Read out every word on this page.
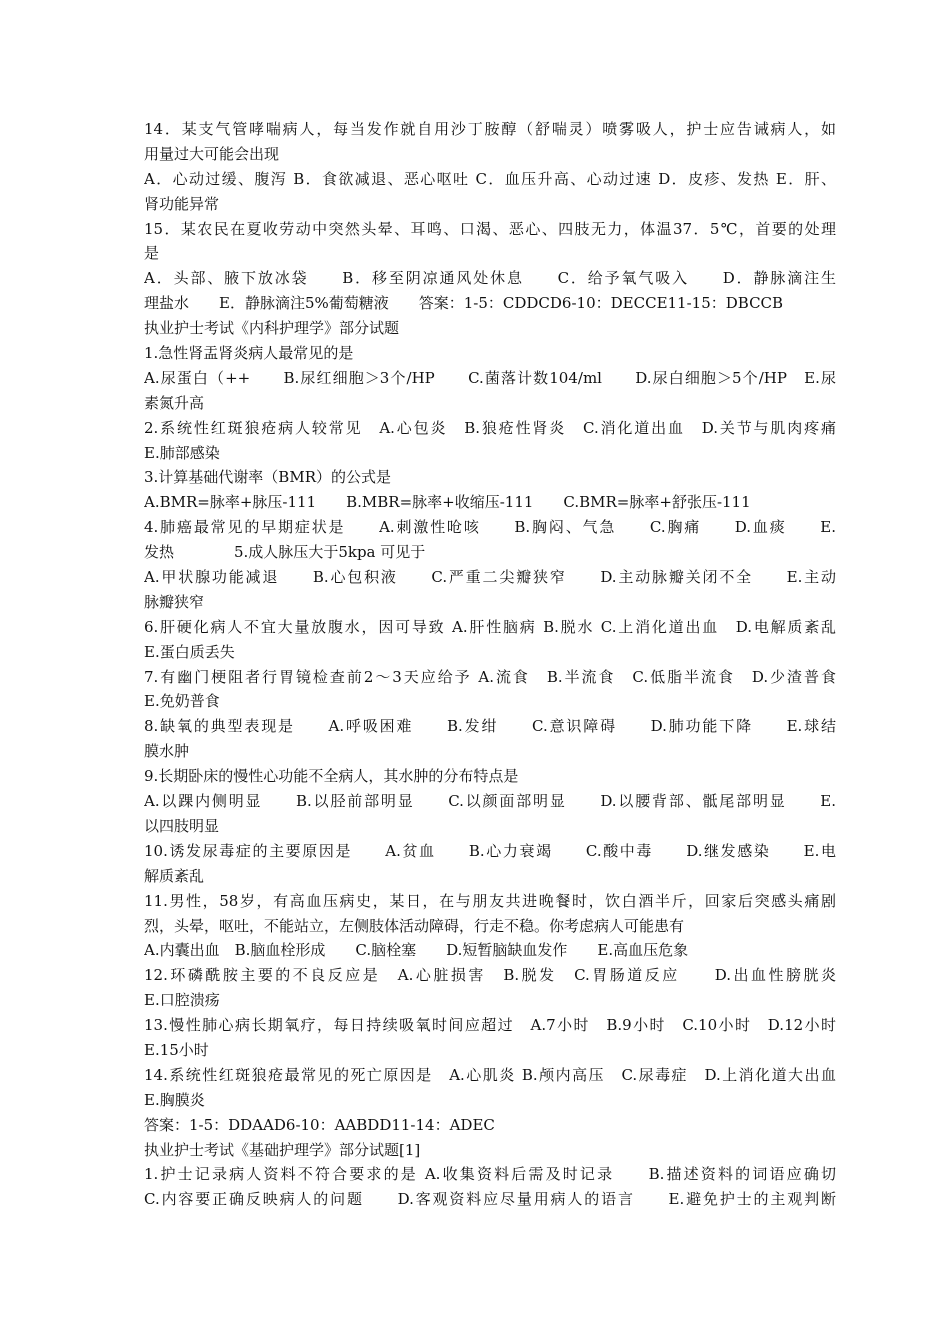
14．某支气管哮喘病人，每当发作就自用沙丁胺醇（舒喘灵）喷雾吸人，护士应告诫病人，如
用量过大可能会出现
A．心动过缓、腹泻 B．食欲减退、恶心呕吐 C．血压升高、心动过速 D．皮疹、发热 E．肝、
肾功能异常
15．某农民在夏收劳动中突然头晕、耳鸣、口渴、恶心、四肢无力，体温37．5℃，首要的处理
是
A．头部、腋下放冰袋　　B．移至阴凉通风处休息　　C．给予氧气吸入　　D．静脉滴注生
理盐水　　E．静脉滴注5%葡萄糖液　　答案：1-5：CDDCD6-10：DECCE11-15：DBCCB
执业护士考试《内科护理学》部分试题
1.急性肾盂肾炎病人最常见的是
A.尿蛋白（++　　B.尿红细胞＞3个/HP　　C.菌落计数104/ml　　D.尿白细胞＞5个/HP　E.尿
素氮升高
2.系统性红斑狼疮病人较常见　A.心包炎　B.狼疮性肾炎　C.消化道出血　D.关节与肌肉疼痛
E.肺部感染
3.计算基础代谢率（BMR）的公式是
A.BMR=脉率+脉压-111　　B.MBR=脉率+收缩压-111　　C.BMR=脉率+舒张压-111
4.肺癌最常见的早期症状是　　A.刺激性呛咳　　B.胸闷、气急　　C.胸痛　　D.血痰　　E.
发热　　　　5.成人脉压大于5kpa 可见于
A.甲状腺功能减退　　B.心包积液　　C.严重二尖瓣狭窄　　D.主动脉瓣关闭不全　　E.主动
脉瓣狭窄
6.肝硬化病人不宜大量放腹水，因可导致 A.肝性脑病 B.脱水 C.上消化道出血　D.电解质紊乱
E.蛋白质丢失
7.有幽门梗阻者行胃镜检查前2～3天应给予 A.流食　B.半流食　C.低脂半流食　D.少渣普食
E.免奶普食
8.缺氧的典型表现是　　A.呼吸困难　　B.发绀　　C.意识障碍　　D.肺功能下降　　E.球结
膜水肿
9.长期卧床的慢性心功能不全病人，其水肿的分布特点是
A.以踝内侧明显　　B.以胫前部明显　　C.以颜面部明显　　D.以腰背部、骶尾部明显　　E.
以四肢明显
10.诱发尿毒症的主要原因是　　A.贫血　　B.心力衰竭　　C.酸中毒　　D.继发感染　　E.电
解质紊乱
11.男性，58岁，有高血压病史，某日，在与朋友共进晚餐时，饮白酒半斤，回家后突感头痛剧
烈，头晕，呕吐，不能站立，左侧肢体活动障碍，行走不稳。你考虑病人可能患有
A.内囊出血　B.脑血栓形成　　C.脑栓塞　　D.短暂脑缺血发作　　E.高血压危象
12.环磷酰胺主要的不良反应是　A.心脏损害　B.脱发　C.胃肠道反应　　D.出血性膀胱炎
E.口腔溃疡
13.慢性肺心病长期氧疗，每日持续吸氧时间应超过　A.7小时　B.9小时　C.10小时　D.12小时
E.15小时
14.系统性红斑狼疮最常见的死亡原因是　A.心肌炎 B.颅内高压　C.尿毒症　D.上消化道大出血
E.胸膜炎
答案：1-5：DDAAD6-10：AABDD11-14：ADEC
执业护士考试《基础护理学》部分试题[1]
1.护士记录病人资料不符合要求的是 A.收集资料后需及时记录　　B.描述资料的词语应确切
C.内容要正确反映病人的问题　　D.客观资料应尽量用病人的语言　　E.避免护士的主观判断
